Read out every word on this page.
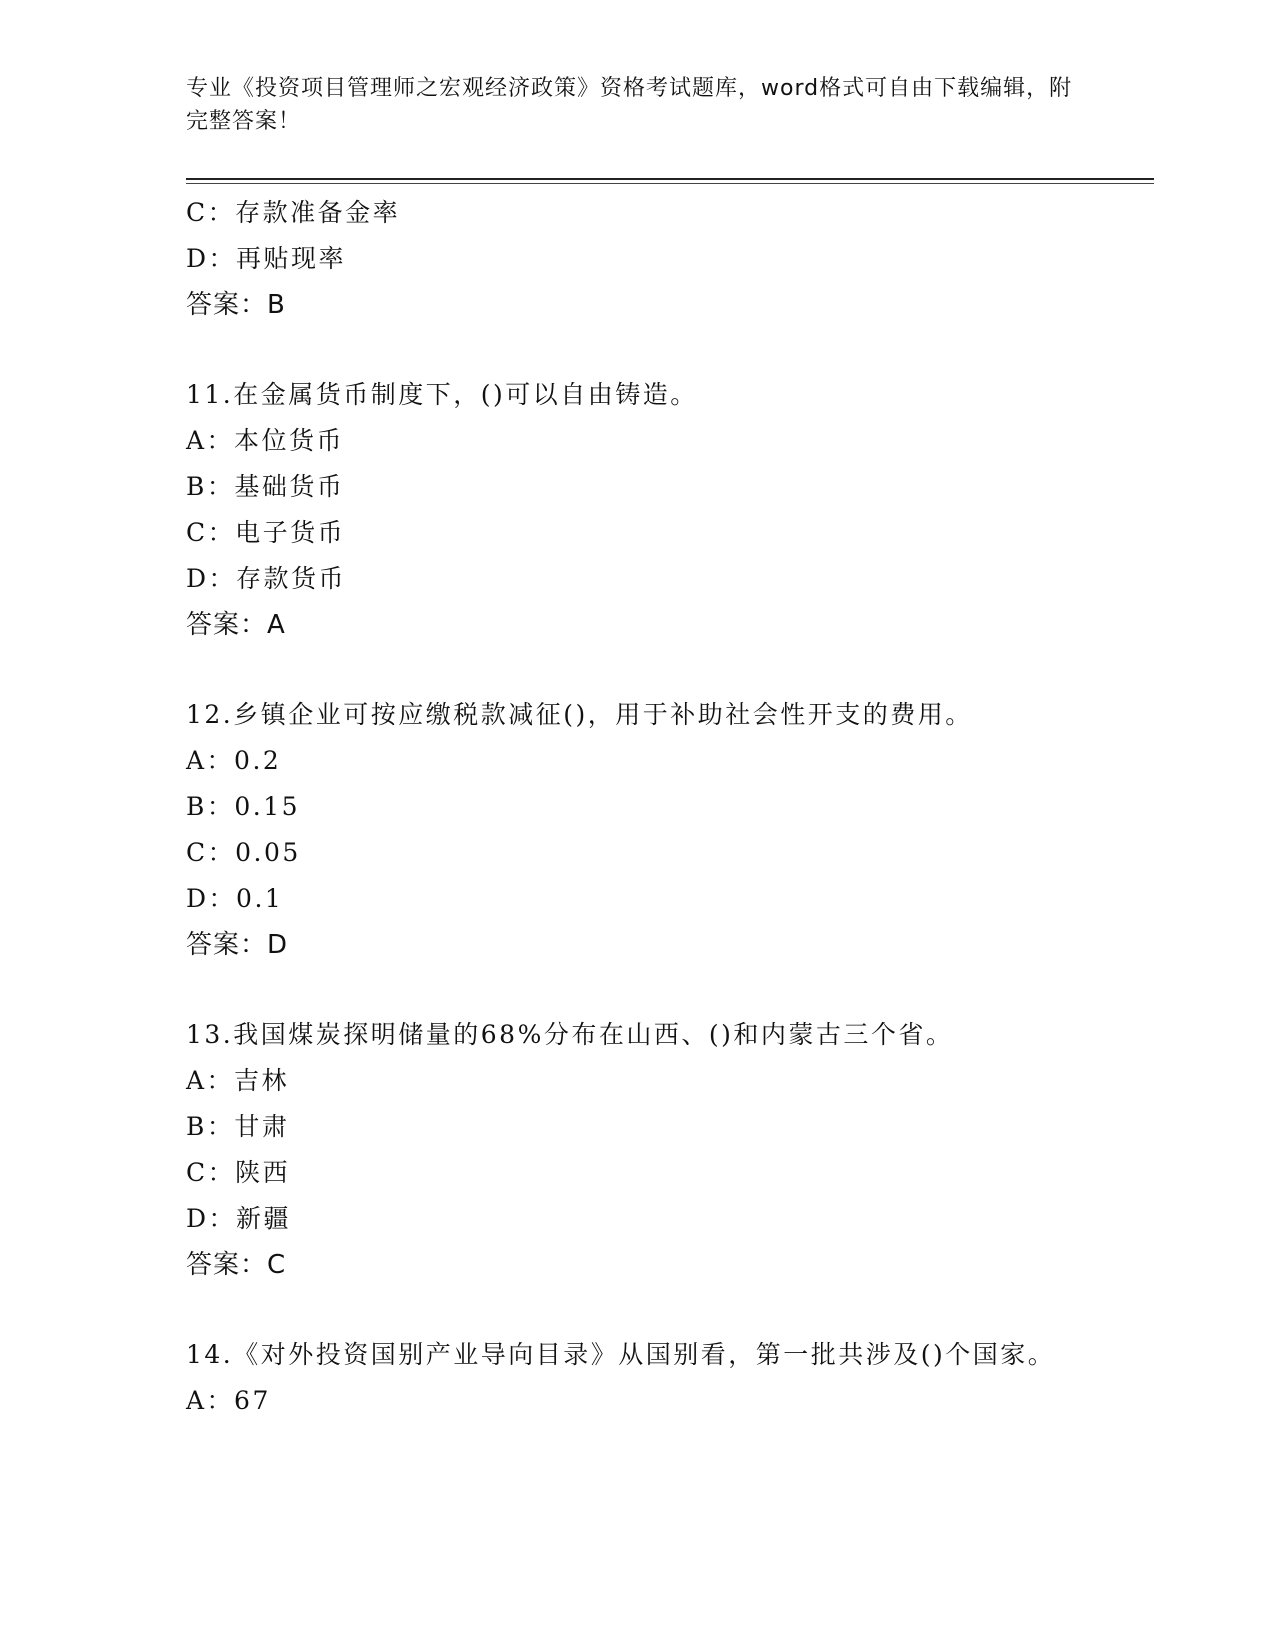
专业《投资项目管理师之宏观经济政策》资格考试题库，word格式可自由下载编辑，附完整答案！
C：存款准备金率
D：再贴现率
答案：B
11.在金属货币制度下，()可以自由铸造。
A：本位货币
B：基础货币
C：电子货币
D：存款货币
答案：A
12.乡镇企业可按应缴税款减征()，用于补助社会性开支的费用。
A：0.2
B：0.15
C：0.05
D：0.1
答案：D
13.我国煤炭探明储量的68%分布在山西、()和内蒙古三个省。
A：吉林
B：甘肃
C：陕西
D：新疆
答案：C
14.《对外投资国别产业导向目录》从国别看，第一批共涉及()个国家。
A：67
